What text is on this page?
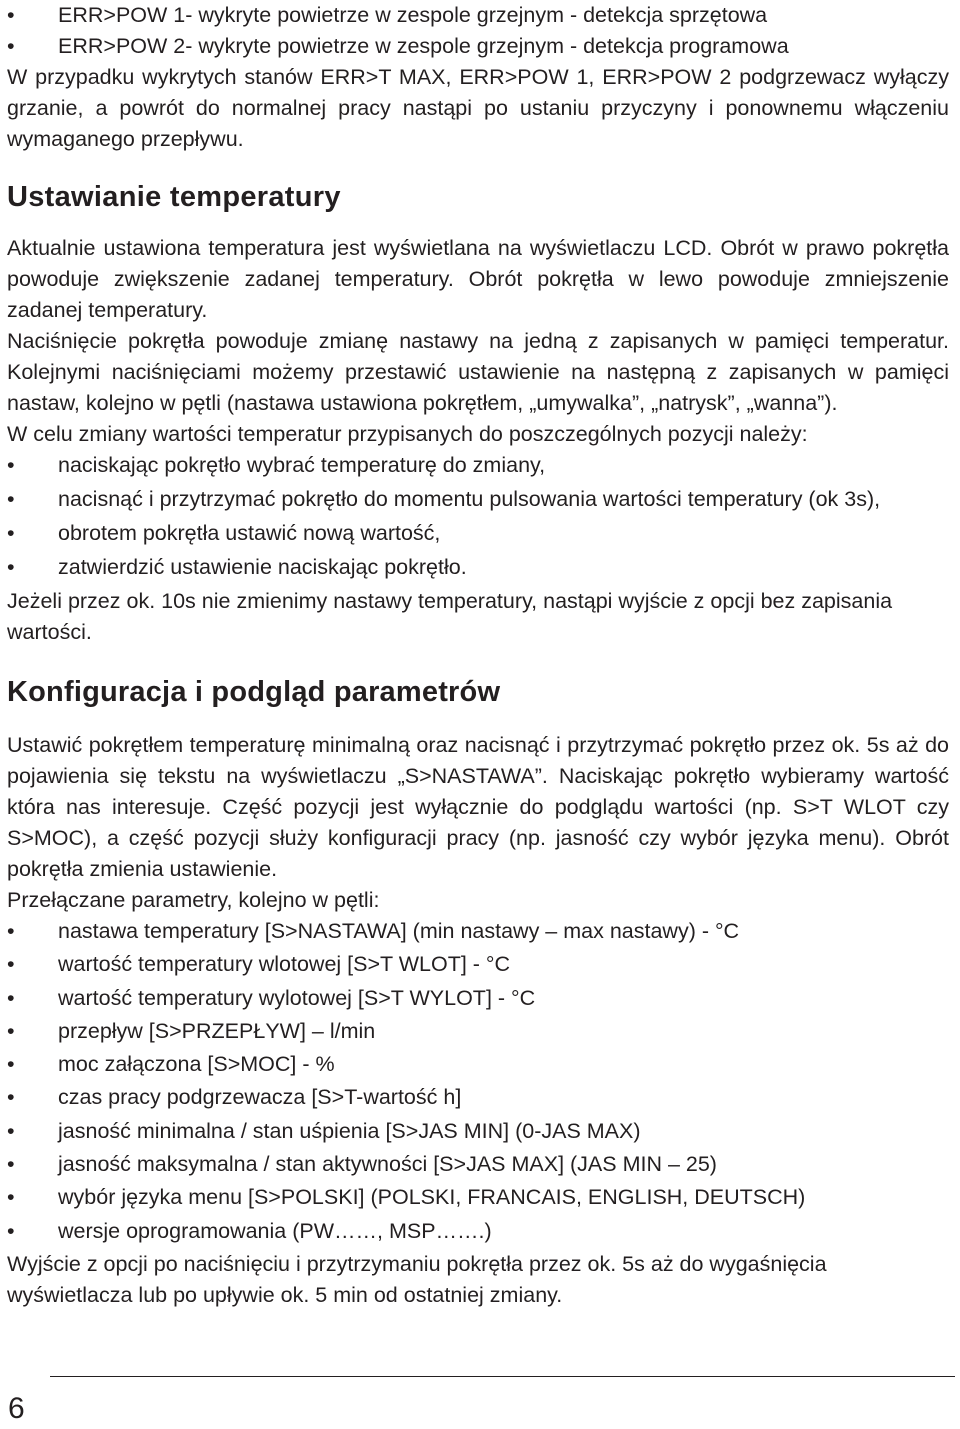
•	ERR>POW 1- wykryte powietrze w zespole grzejnym - detekcja sprzętowa
•	ERR>POW 2- wykryte powietrze w zespole grzejnym - detekcja programowa

W przypadku wykrytych stanów ERR>T MAX, ERR>POW 1, ERR>POW 2 podgrzewacz wyłączy grzanie, a powrót do normalnej pracy nastąpi po ustaniu przyczyny i ponownemu włączeniu wymaganego przepływu.

Ustawianie temperatury

Aktualnie ustawiona temperatura jest wyświetlana na wyświetlaczu LCD. Obrót w prawo pokrętła powoduje zwiększenie zadanej temperatury. Obrót pokrętła w lewo powoduje zmniejszenie zadanej temperatury.

Naciśnięcie pokrętła powoduje zmianę nastawy na jedną z zapisanych w pamięci temperatur. Kolejnymi naciśnięciami możemy przestawić ustawienie na następną z zapisanych w pamięci nastaw, kolejno w pętli (nastawa ustawiona pokrętłem, „umywalka”, „natrysk”, „wanna”).

W celu zmiany wartości temperatur przypisanych do poszczególnych pozycji należy:

•	naciskając pokrętło wybrać temperaturę do zmiany,
•	nacisnąć i przytrzymać pokrętło do momentu pulsowania wartości temperatury (ok 3s),
•	obrotem pokrętła ustawić nową wartość,
•	zatwierdzić ustawienie naciskając pokrętło.

Jeżeli przez ok. 10s nie zmienimy nastawy temperatury, nastąpi wyjście z opcji bez zapisania wartości.

Konfiguracja i podgląd parametrów

Ustawić pokrętłem temperaturę minimalną oraz nacisnąć i przytrzymać pokrętło przez ok. 5s aż do pojawienia się tekstu na wyświetlaczu „S>NASTAWA”. Naciskając pokrętło wybieramy wartość która nas interesuje. Część pozycji jest wyłącznie do podglądu wartości (np. S>T WLOT czy S>MOC), a część pozycji służy konfiguracji pracy (np. jasność czy wybór języka menu). Obrót pokrętła zmienia ustawienie.

Przełączane parametry, kolejno w pętli:

•	nastawa temperatury [S>NASTAWA] (min nastawy – max nastawy) - °C
•	wartość temperatury wlotowej [S>T WLOT] - °C
•	wartość temperatury wylotowej [S>T WYLOT] - °C
•	przepływ [S>PRZEPŁYW] – l/min
•	moc załączona [S>MOC] - %
•	czas pracy podgrzewacza [S>T-wartość h]
•	jasność minimalna / stan uśpienia [S>JAS MIN] (0-JAS MAX)
•	jasność maksymalna / stan aktywności [S>JAS MAX] (JAS MIN – 25)
•	wybór języka menu [S>POLSKI] (POLSKI, FRANCAIS, ENGLISH, DEUTSCH)
•	wersje oprogramowania (PW……, MSP…….)

Wyjście z opcji po naciśnięciu i przytrzymaniu pokrętła przez ok. 5s aż do wygaśnięcia wyświetlacza lub po upływie ok. 5 min od ostatniej zmiany.

6
